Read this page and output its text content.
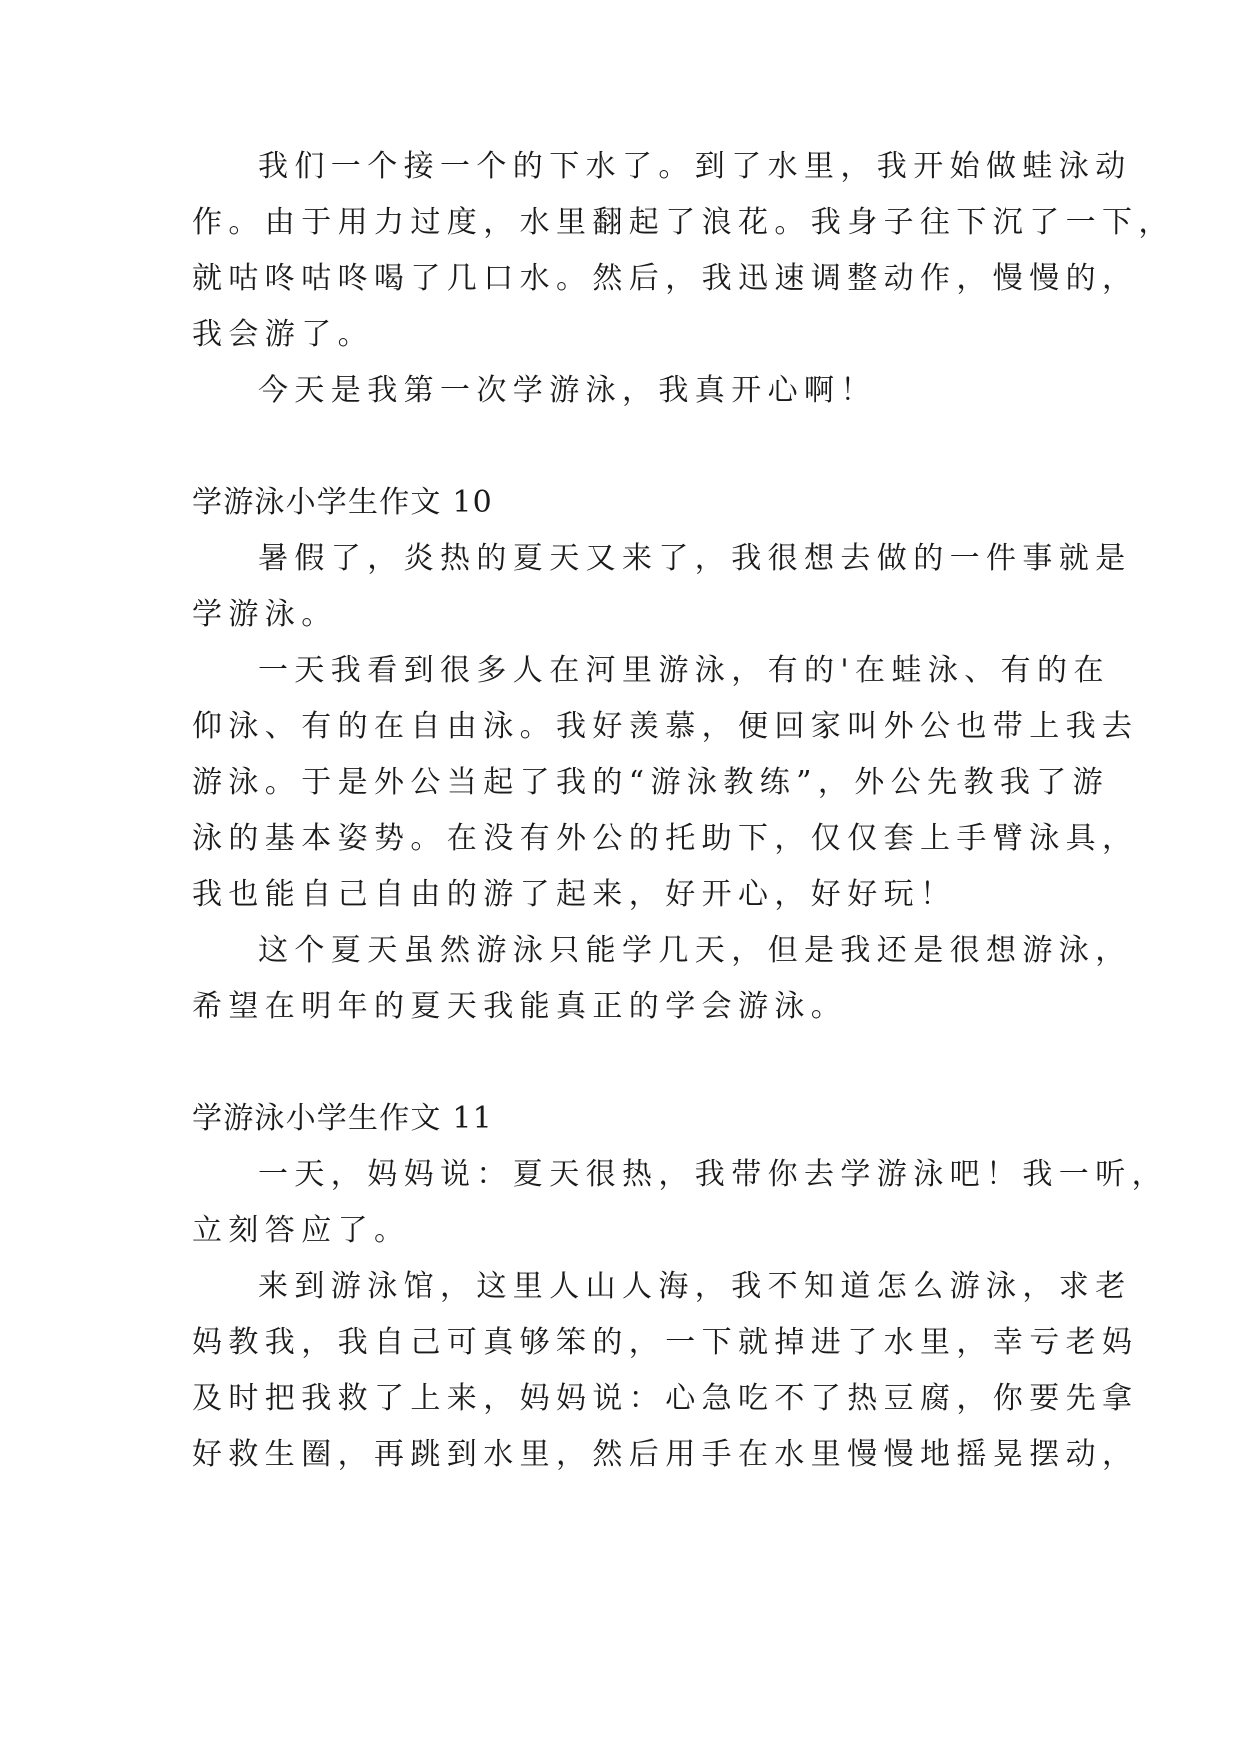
我们一个接一个的下水了。到了水里，我开始做蛙泳动

作。由于用力过度，水里翻起了浪花。我身子往下沉了一下，

就咕咚咕咚喝了几口水。然后，我迅速调整动作，慢慢的，

我会游了。

今天是我第一次学游泳，我真开心啊！

学游泳小学生作文 10

暑假了，炎热的夏天又来了，我很想去做的一件事就是

学游泳。

一天我看到很多人在河里游泳，有的'在蛙泳、有的在

仰泳、有的在自由泳。我好羡慕，便回家叫外公也带上我去

游泳。于是外公当起了我的“游泳教练”，外公先教我了游

泳的基本姿势。在没有外公的托助下，仅仅套上手臂泳具，

我也能自己自由的游了起来，好开心，好好玩！

这个夏天虽然游泳只能学几天，但是我还是很想游泳，

希望在明年的夏天我能真正的学会游泳。

学游泳小学生作文 11

一天，妈妈说：夏天很热，我带你去学游泳吧！我一听，

立刻答应了。

来到游泳馆，这里人山人海，我不知道怎么游泳，求老

妈教我，我自己可真够笨的，一下就掉进了水里，幸亏老妈

及时把我救了上来，妈妈说：心急吃不了热豆腐，你要先拿

好救生圈，再跳到水里，然后用手在水里慢慢地摇晃摆动，
